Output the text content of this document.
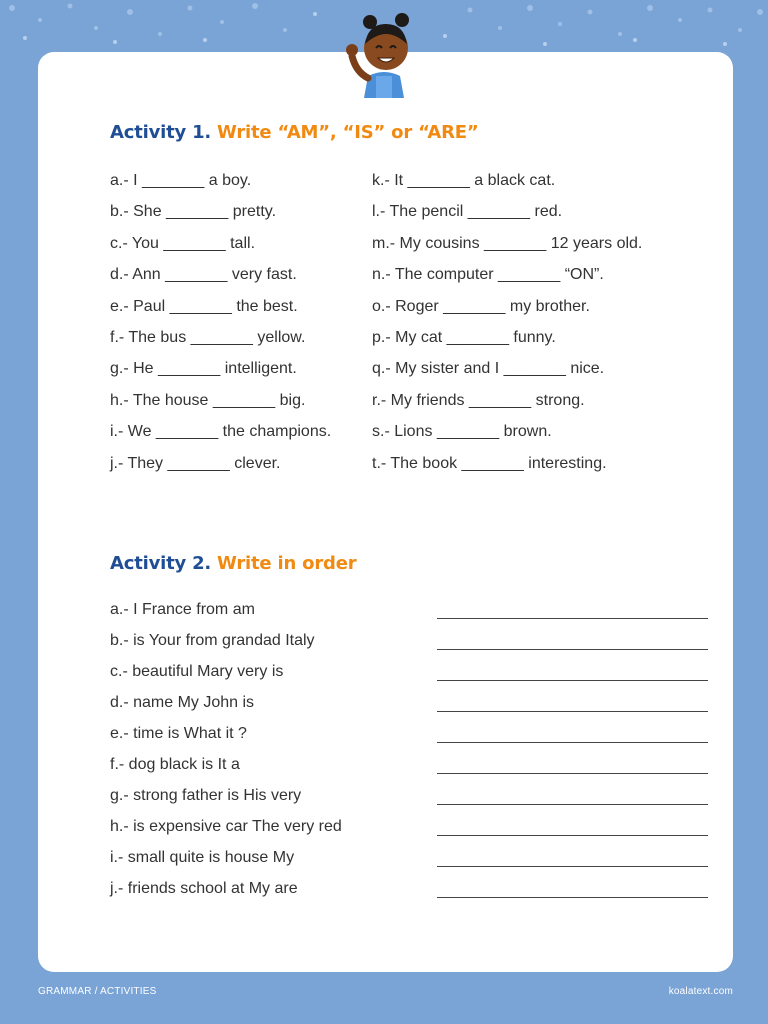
Activity 1. Write “AM”, “IS” or “ARE”
a.- I _______ a boy.
b.- She _______ pretty.
c.- You _______ tall.
d.- Ann _______ very fast.
e.- Paul _______ the best.
f.- The bus _______ yellow.
g.- He _______ intelligent.
h.- The house _______ big.
i.- We _______ the champions.
j.- They _______ clever.
k.- It _______ a black cat.
l.- The pencil _______ red.
m.- My cousins _______ 12 years old.
n.- The computer _______ “ON”.
o.- Roger _______ my brother.
p.- My cat _______ funny.
q.- My sister and I _______ nice.
r.- My friends _______ strong.
s.- Lions _______ brown.
t.- The book _______ interesting.
Activity 2. Write in order
a.- I France from am
b.- is Your from grandad Italy
c.- beautiful Mary very is
d.- name My John is
e.- time is What it ?
f.- dog black is It a
g.- strong father is His very
h.- is expensive car The very red
i.- small quite is house My
j.- friends school at My are
GRAMMAR / ACTIVITIES	koalatext.com
